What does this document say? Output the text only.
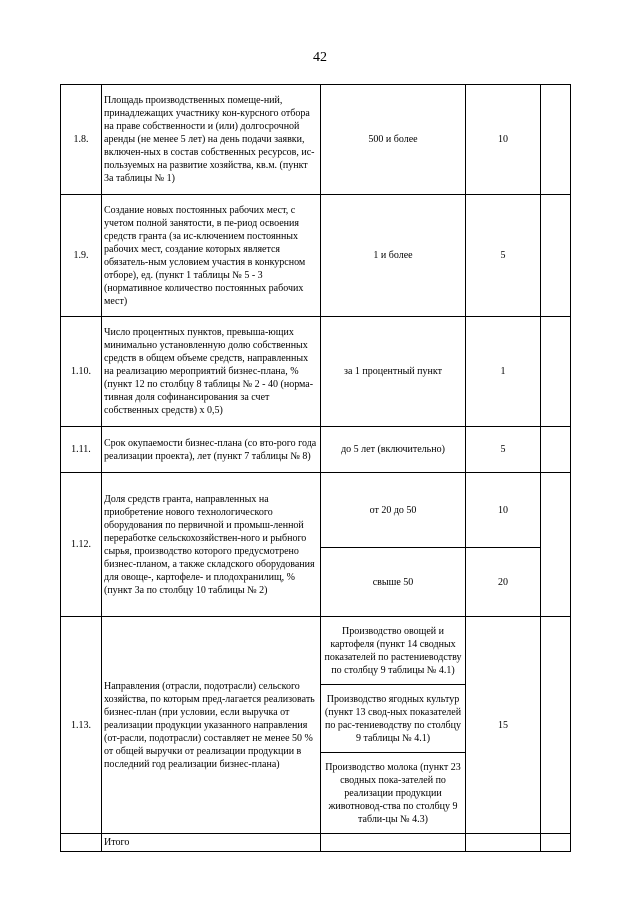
42
1.8.	Площадь производственных помеще-ний, принадлежащих участнику кон-курсного отбора на праве собственности и (или) долгосрочной аренды (не менее 5 лет) на день подачи заявки, включен-ных в состав собственных ресурсов, ис-пользуемых на развитие хозяйства, кв.м. (пункт 3а таблицы № 1)	500 и более	10	
1.9.	Создание новых постоянных рабочих мест, с учетом полной занятости, в пе-риод освоения средств гранта (за ис-ключением постоянных рабочих мест, создание которых является обязатель-ным условием участия в конкурсном отборе), ед. (пункт 1 таблицы № 5 - 3 (нормативное количество постоянных рабочих мест)	1 и более	5	
1.10.	Число процентных пунктов, превыша-ющих минимально установленную долю собственных средств в общем объеме средств, направленных на реализацию мероприятий бизнес-плана, % (пункт 12 по столбцу 8 таблицы № 2 - 40 (норма-тивная доля софинансирования за счет собственных средств) х 0,5)	за 1 процентный пункт	1	
1.11.	Срок окупаемости бизнес-плана (со вто-рого года реализации проекта), лет (пункт 7 таблицы № 8)	до 5 лет (включительно)	5	
1.12.	Доля средств гранта, направленных на приобретение нового технологического оборудования по первичной и промыш-ленной переработке сельскохозяйствен-ного и рыбного сырья, производство которого предусмотрено бизнес-планом, а также складского оборудования для овоще-, картофеле- и плодохранилищ, % (пункт 3а по столбцу 10 таблицы № 2)	от 20 до 50	10	
		свыше 50	20	
1.13.	Направления (отрасли, подотрасли) сельского хозяйства, по которым пред-лагается реализовать бизнес-план (при условии, если выручка от реализации продукции указанного направления (от-расли, подотрасли) составляет не менее 50 % от общей выручки от реализации продукции в последний год реализации бизнес-плана)	Производство овощей и картофеля (пункт 14 сводных показателей по растениеводству по столбцу 9 таблицы № 4.1)	15	
		Производство ягодных культур (пункт 13 свод-ных показателей по рас-тениеводству по столбцу 9 таблицы № 4.1)		
		Производство молока (пункт 23 сводных пока-зателей по реализации продукции животновод-ства по столбцу 9 табли-цы № 4.3)		
	Итого			
